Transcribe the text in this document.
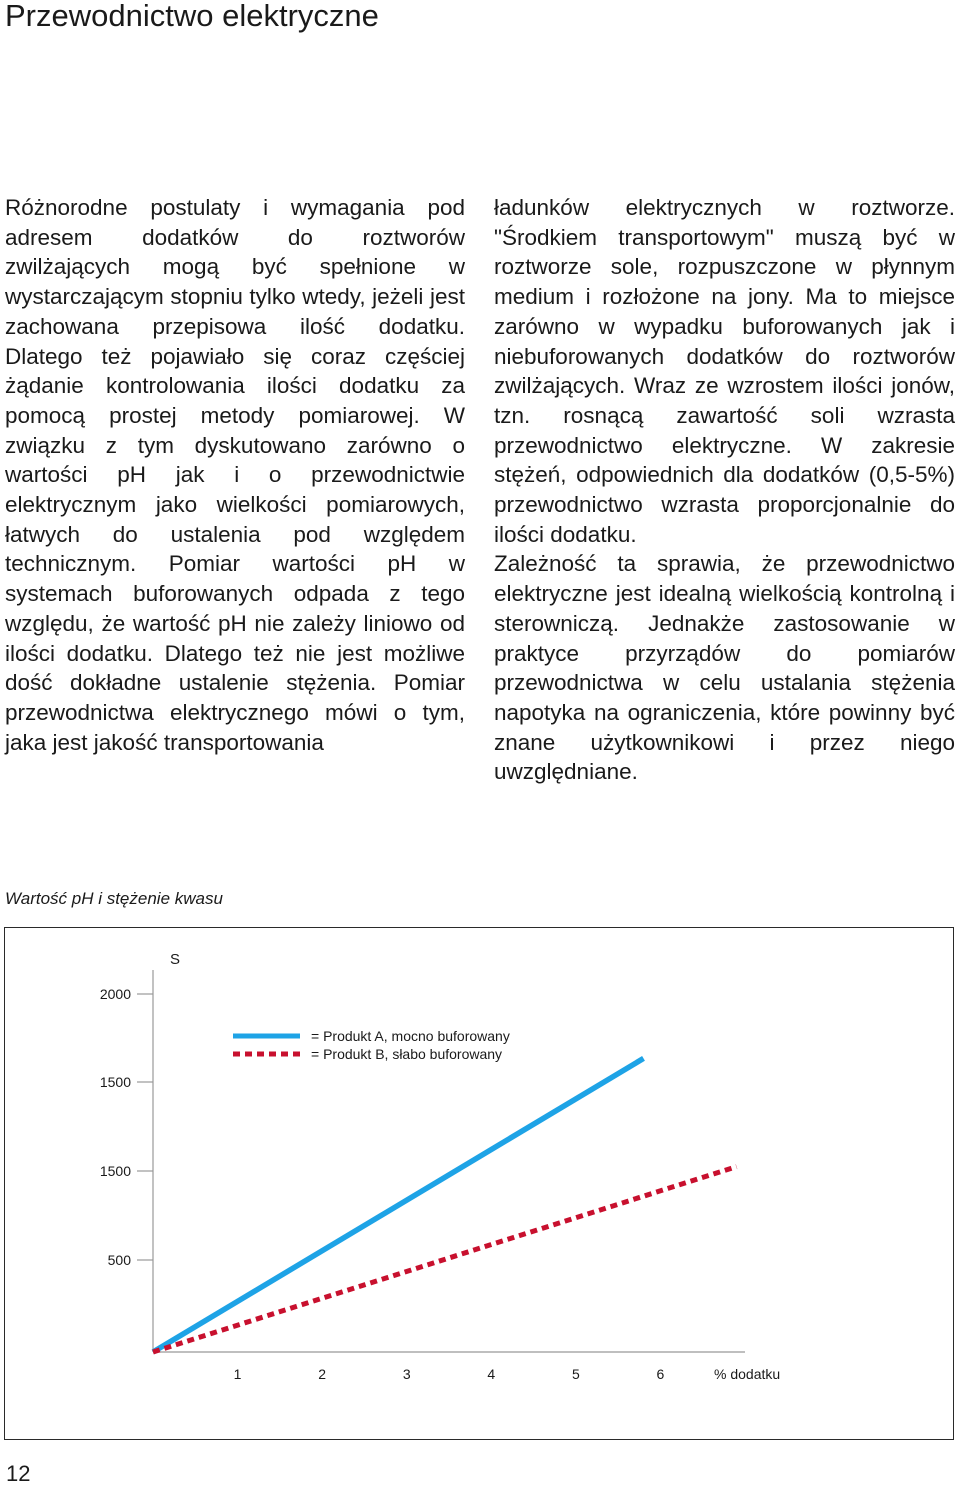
Przewodnictwo elektryczne

Różnorodne postulaty i wymagania pod adresem dodatków do roztworów zwilżających mogą być spełnione w wystarczającym stopniu tylko wtedy, jeżeli jest zachowana przepisowa ilość dodatku. Dlatego też pojawiało się coraz częściej żądanie kontrolowania ilości dodatku za pomocą prostej metody pomiarowej. W związku z tym dyskutowano zarówno o wartości pH jak i o przewodnictwie elektrycznym jako wielkości pomiarowych, łatwych do ustalenia pod względem technicznym. Pomiar wartości pH w systemach buforowanych odpada z tego względu, że wartość pH nie zależy liniowo od ilości dodatku. Dlatego też nie jest możliwe dość dokładne ustalenie stężenia. Pomiar przewodnictwa elektrycznego mówi o tym, jaka jest jakość transportowania

ładunków elektrycznych w roztworze. "Środkiem transportowym" muszą być w roztworze sole, rozpuszczone w płynnym medium i rozłożone na jony. Ma to miejsce zarówno w wypadku buforowanych jak i niebuforowanych dodatków do roztworów zwilżających. Wraz ze wzrostem ilości jonów, tzn. rosnącą zawartość soli wzrasta przewodnictwo elektryczne. W zakresie stężeń, odpowiednich dla dodatków (0,5-5%) przewodnictwo wzrasta proporcjonalnie do ilości dodatku.
Zależność ta sprawia, że przewodnictwo elektryczne jest idealną wielkością kontrolną i sterowniczą. Jednakże zastosowanie w praktyce przyrządów do pomiarów przewodnictwa w celu ustalania stężenia napotyka na ograniczenia, które powinny być znane użytkownikowi i przez niego uwzględniane.

Wartość pH i stężenie kwasu

S
2000
1500
1500
500
1	2	3	4	5	6	% dodatku
= Produkt A, mocno buforowany
= Produkt B, słabo buforowany
12
